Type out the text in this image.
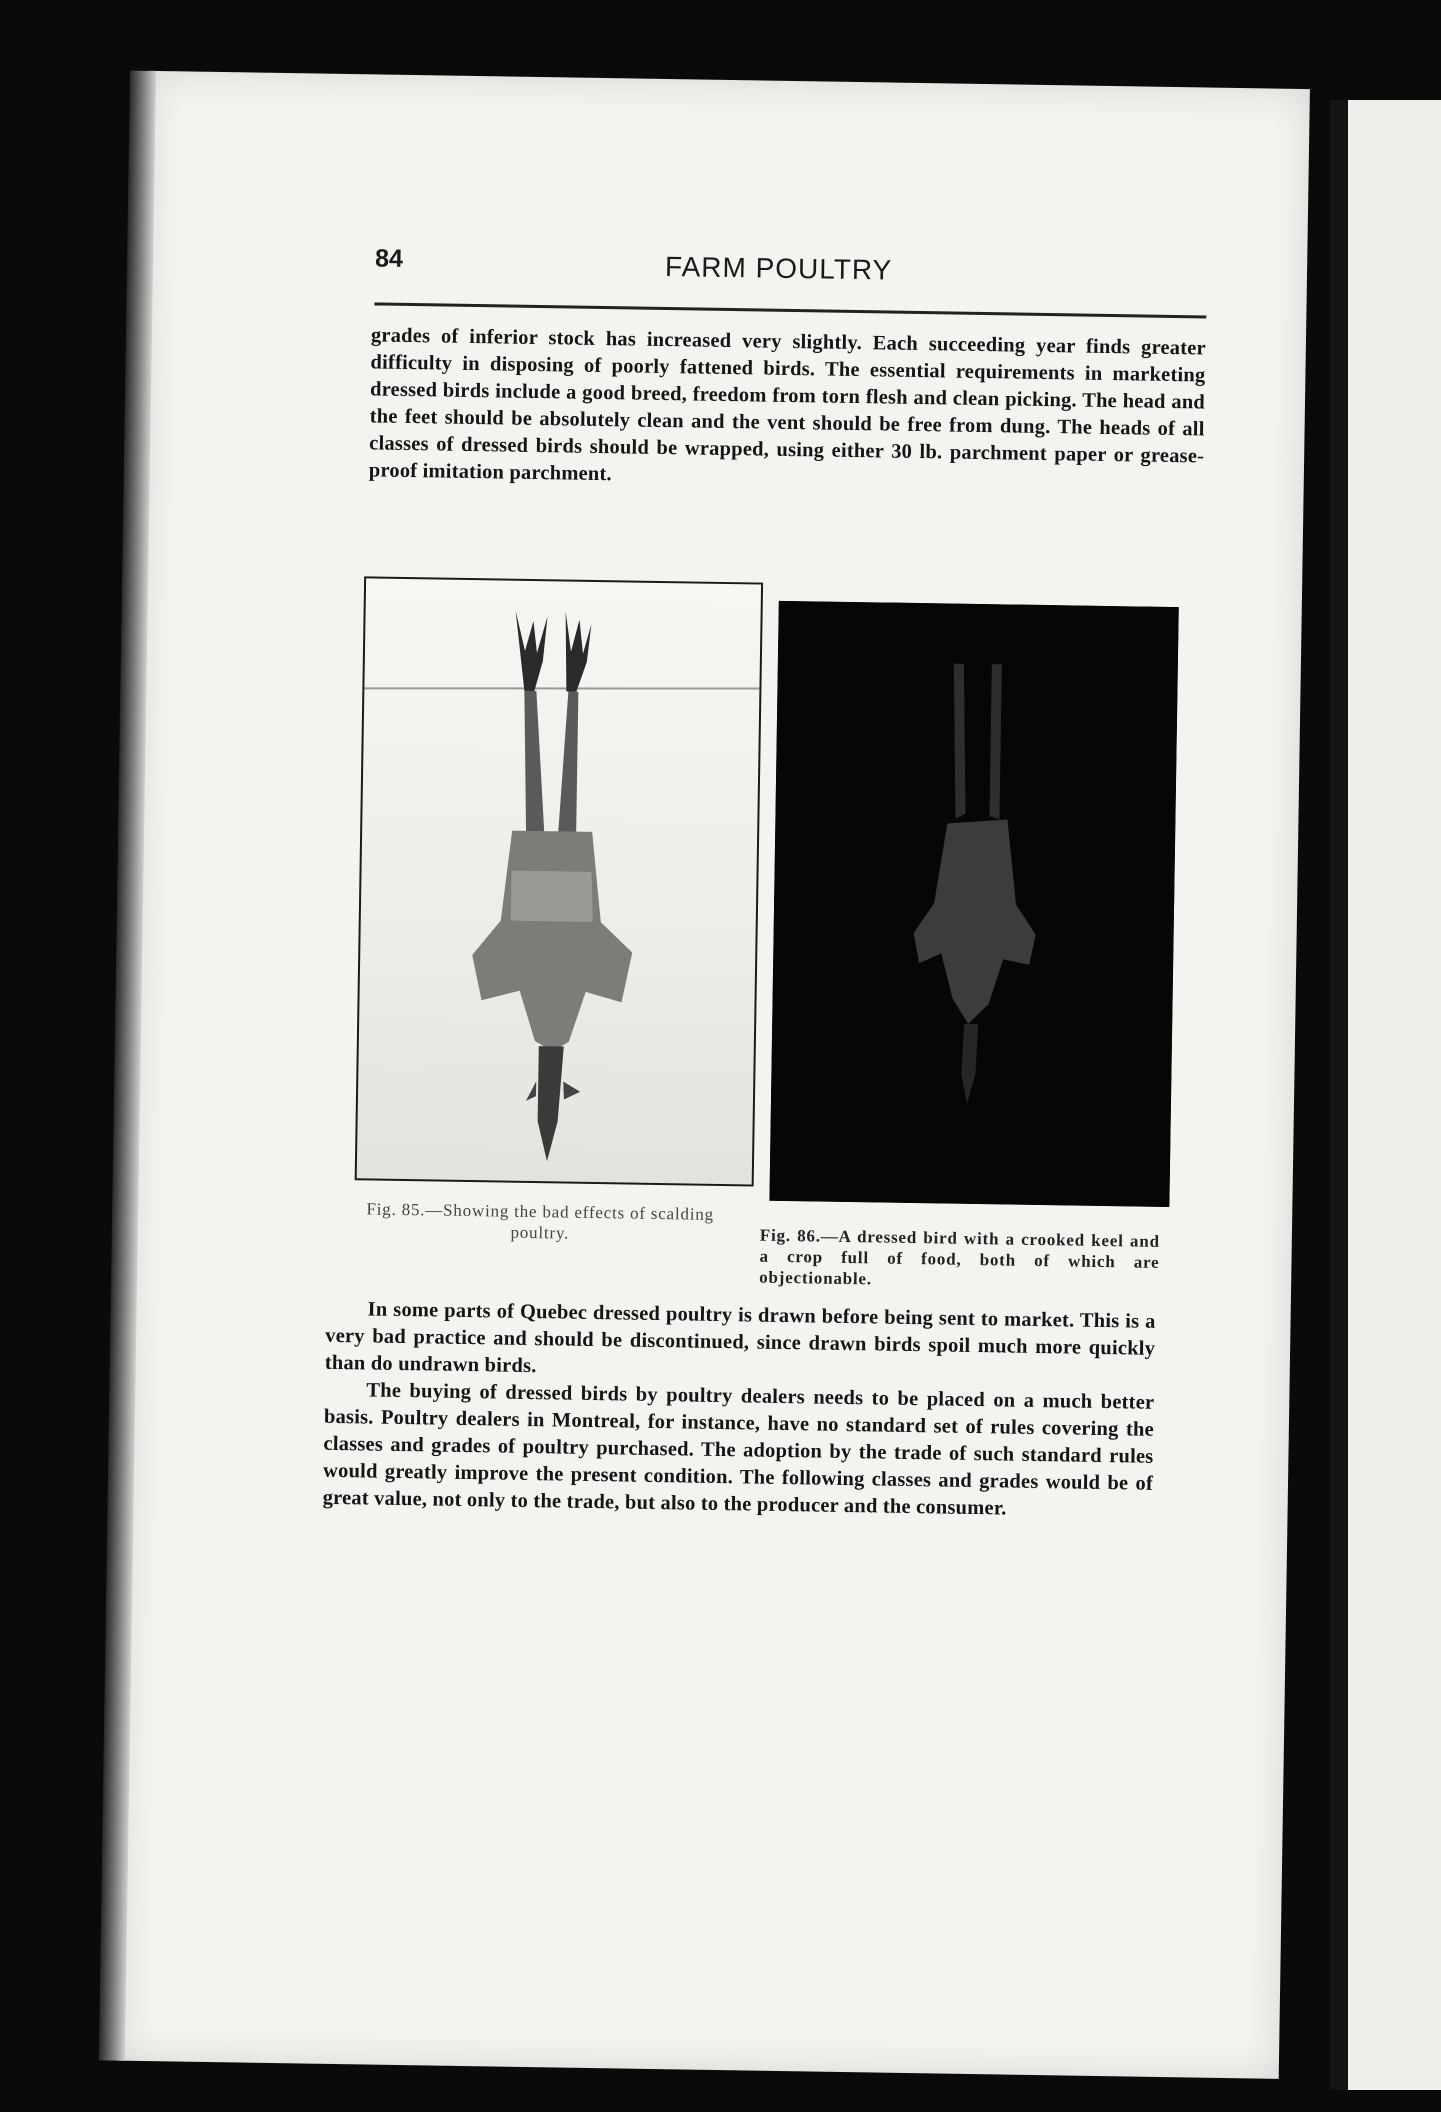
84	FARM POULTRY

grades of inferior stock has increased very slightly. Each succeeding year finds greater difficulty in disposing of poorly fattened birds. The essential requirements in marketing dressed birds include a good breed, freedom from torn flesh and clean picking. The head and the feet should be absolutely clean and the vent should be free from dung. The heads of all classes of dressed birds should be wrapped, using either 30 lb. parchment paper or grease-proof imitation parchment.

Fig. 85.—Showing the bad effects of scalding poultry.	Fig. 86.—A dressed bird with a crooked keel and a crop full of food, both of which are objectionable.

In some parts of Quebec dressed poultry is drawn before being sent to market. This is a very bad practice and should be discontinued, since drawn birds spoil much more quickly than do undrawn birds.

The buying of dressed birds by poultry dealers needs to be placed on a much better basis. Poultry dealers in Montreal, for instance, have no standard set of rules covering the classes and grades of poultry purchased. The adoption by the trade of such standard rules would greatly improve the present condition. The following classes and grades would be of great value, not only to the trade, but also to the producer and the consumer.
